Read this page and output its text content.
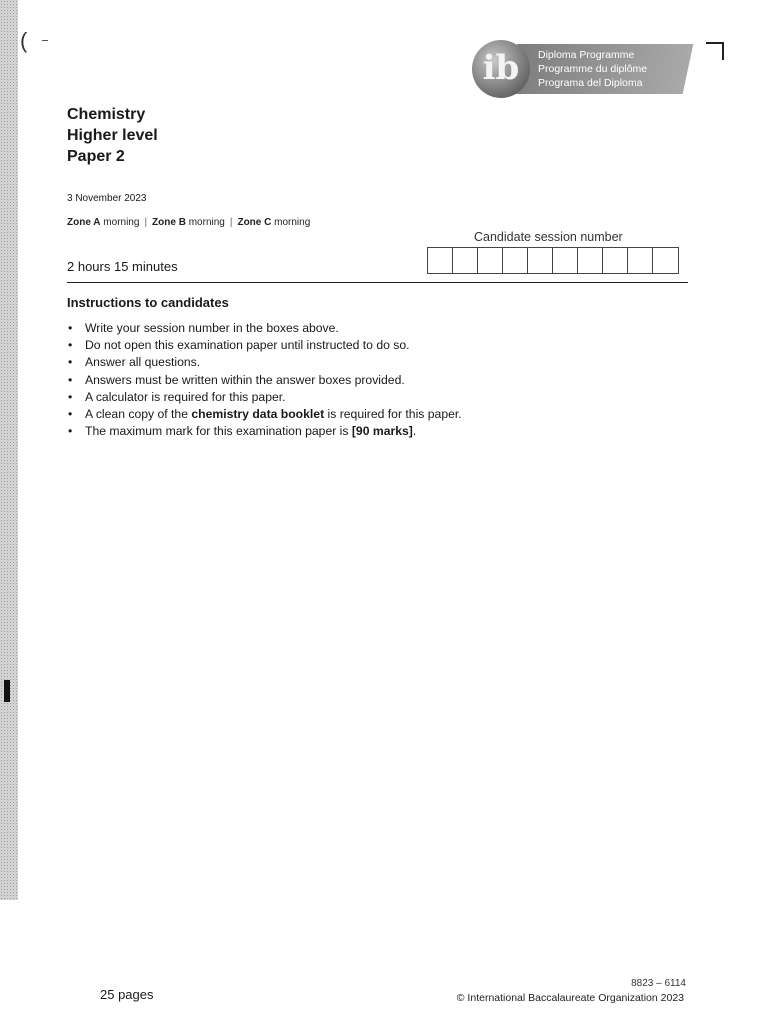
(
ib	Diploma Programme
Programme du diplôme
Programa del Diploma
Chemistry
Higher level
Paper 2
3 November 2023
Zone A morning | Zone B morning | Zone C morning
Candidate session number
2 hours 15 minutes
Instructions to candidates
• Write your session number in the boxes above.
• Do not open this examination paper until instructed to do so.
• Answer all questions.
• Answers must be written within the answer boxes provided.
• A calculator is required for this paper.
• A clean copy of the chemistry data booklet is required for this paper.
• The maximum mark for this examination paper is [90 marks].
25 pages
8823 – 6114
© International Baccalaureate Organization 2023
